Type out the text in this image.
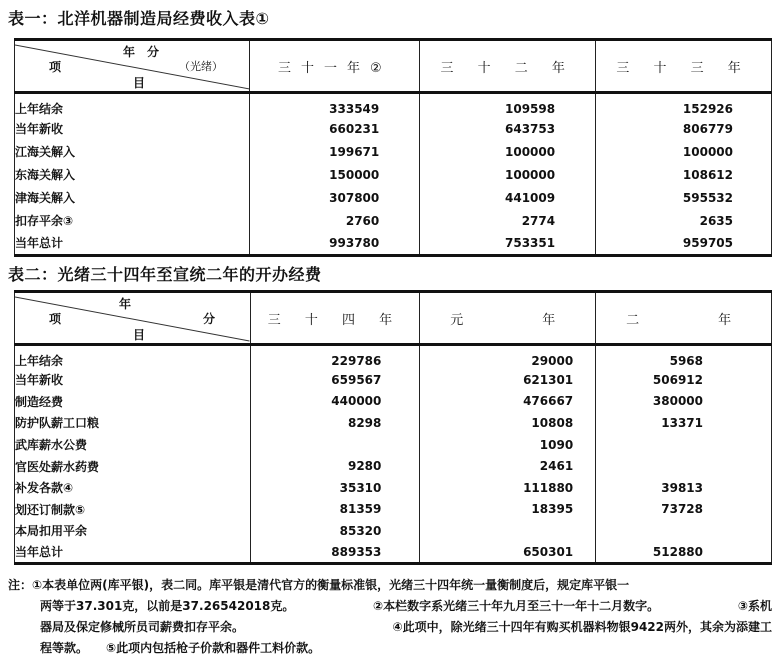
表一：北洋机器制造局经费收入表①
年　分
项 （光绪）
目	三十一年②	三 十 二 年	三 十 三 年
上年结余	333549	109598	152926
当年新收	660231	643753	806779
江海关解入	199671	100000	100000
东海关解入	150000	100000	108612
津海关解入	307800	441009	595532
扣存平余③	2760	2774	2635
当年总计	993780	753351	959705
表二：光绪三十四年至宣统二年的开办经费
年
项 分
目	三 十 四 年	元　　　年	二　　　年
上年结余	229786	29000	5968
当年新收	659567	621301	506912
制造经费	440000	476667	380000
防护队薪工口粮	8298	10808	13371
武库薪水公费		1090	
官医处薪水药费	9280	2461	
补发各款④	35310	111880	39813
划还订制款⑤	81359	18395	73728
本局扣用平余	85320		
当年总计	889353	650301	512880

注：①本表单位两(库平银)，表二同。库平银是清代官方的衡量标准银，光绪三十四年统一量衡制度后，规定库平银一

两等于37.301克，以前是37.26542018克。	②本栏数字系光绪三十年九月至三十一年十二月数字。	③系机

器局及保定修械所员司薪费扣存平余。	④此项中，除光绪三十四年有购买机器料物银9422两外，其余为添建工

程等款。　　⑤此项内包括枪子价款和器件工料价款。
